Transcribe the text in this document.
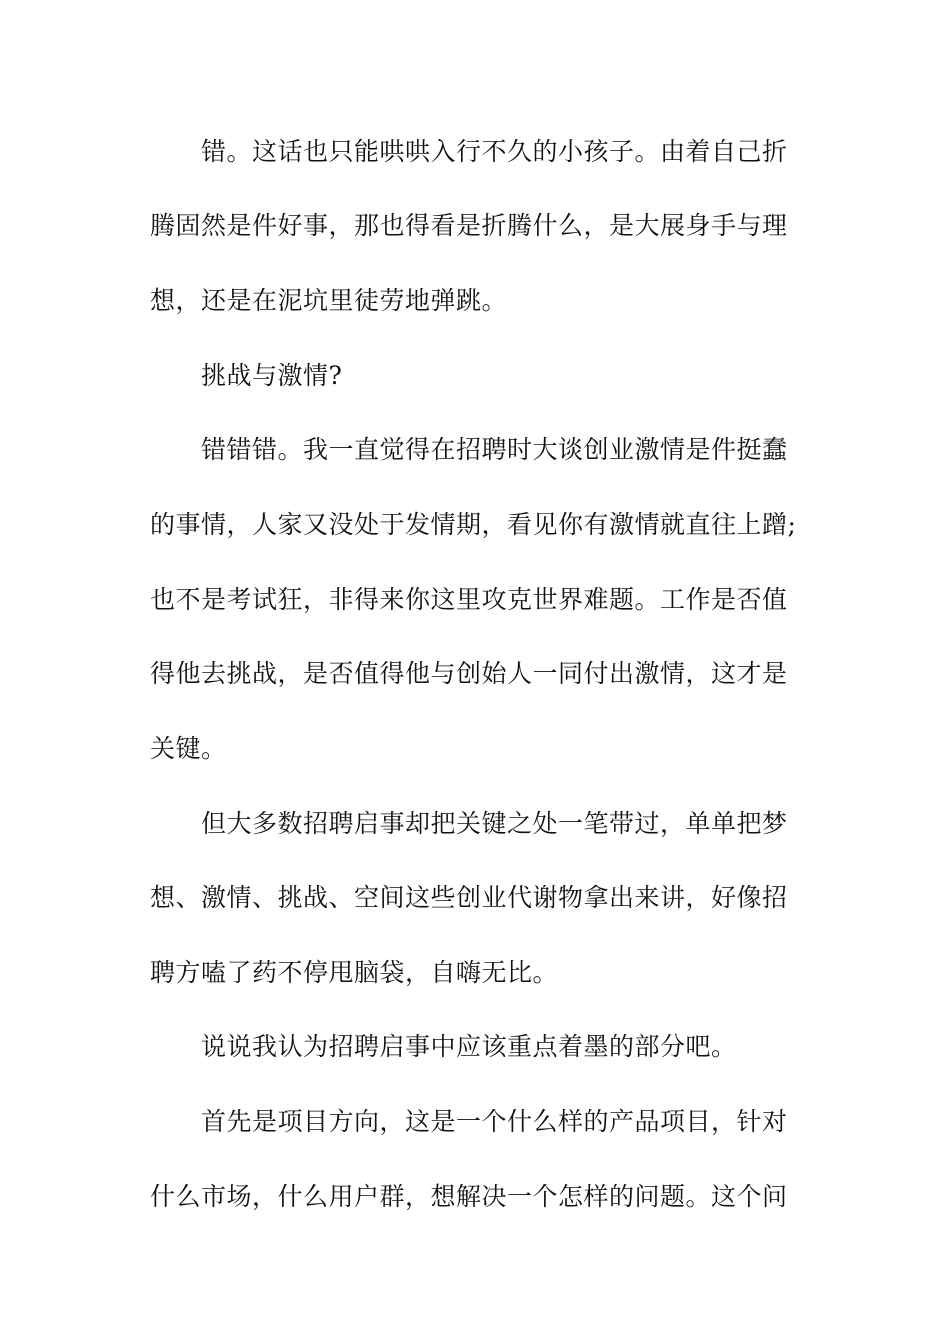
错。这话也只能哄哄入行不久的小孩子。由着自己折
腾固然是件好事，那也得看是折腾什么，是大展身手与理
想，还是在泥坑里徒劳地弹跳。
挑战与激情?
错错错。我一直觉得在招聘时大谈创业激情是件挺蠢
的事情，人家又没处于发情期，看见你有激情就直往上蹭;
也不是考试狂，非得来你这里攻克世界难题。工作是否值
得他去挑战，是否值得他与创始人一同付出激情，这才是
关键。
但大多数招聘启事却把关键之处一笔带过，单单把梦
想、激情、挑战、空间这些创业代谢物拿出来讲，好像招
聘方嗑了药不停甩脑袋，自嗨无比。
说说我认为招聘启事中应该重点着墨的部分吧。
首先是项目方向，这是一个什么样的产品项目，针对
什么市场，什么用户群，想解决一个怎样的问题。这个问
